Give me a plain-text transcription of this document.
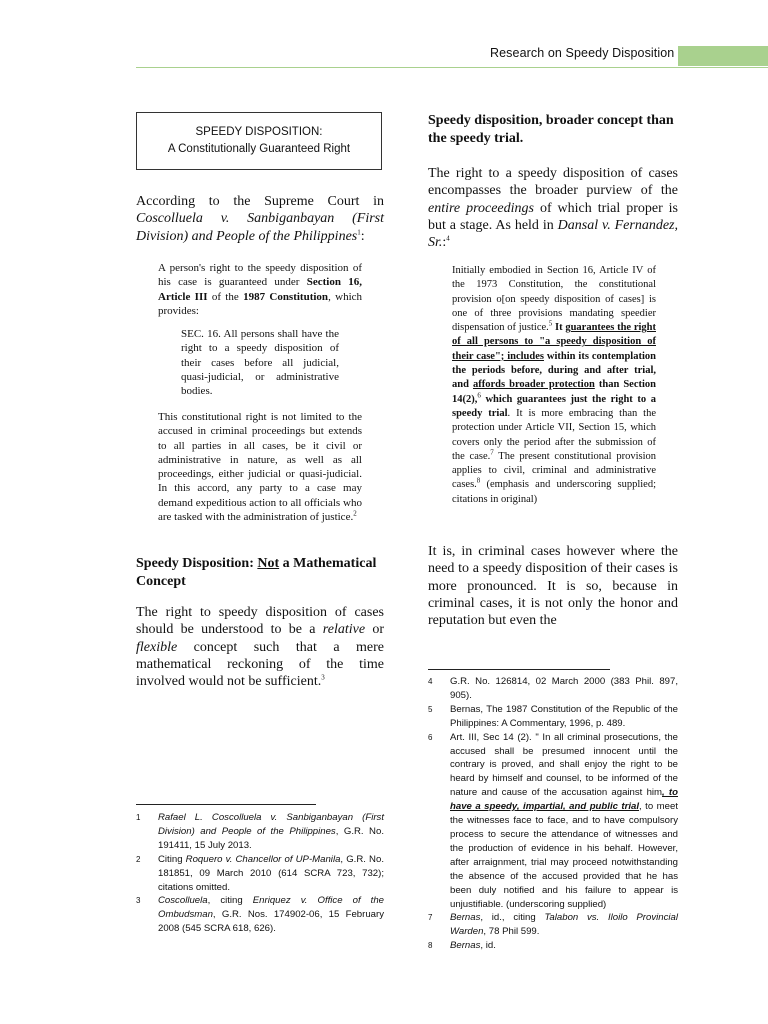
Research on Speedy Disposition
SPEEDY DISPOSITION:
A Constitutionally Guaranteed Right

According to the Supreme Court in Coscolluela v. Sanbiganbayan (First Division) and People of the Philippines$^1$:

A person's right to the speedy disposition of his case is guaranteed under Section 16, Article III of the 1987 Constitution, which provides:

SEC. 16. All persons shall have the right to a speedy disposition of their cases before all judicial, quasi-judicial, or administrative bodies.

This constitutional right is not limited to the accused in criminal proceedings but extends to all parties in all cases, be it civil or administrative in nature, as well as all proceedings, either judicial or quasi-judicial. In this accord, any party to a case may demand expeditious action to all officials who are tasked with the administration of justice.$^2$

Speedy Disposition: Not a Mathematical Concept

The right to speedy disposition of cases should be understood to be a relative or flexible concept such that a mere mathematical reckoning of the time involved would not be sufficient.$^3$

1	Rafael L. Coscolluela v. Sanbiganbayan (First Division) and People of the Philippines, G.R. No. 191411, 15 July 2013.
2	Citing Roquero v. Chancellor of UP-Manila, G.R. No. 181851, 09 March 2010 (614 SCRA 723, 732); citations omitted.
3	Coscolluela, citing Enriquez v. Office of the Ombudsman, G.R. Nos. 174902-06, 15 February 2008 (545 SCRA 618, 626).

Speedy disposition, broader concept than the speedy trial.

The right to a speedy disposition of cases encompasses the broader purview of the entire proceedings of which trial proper is but a stage. As held in Dansal v. Fernandez, Sr.:$^4$

Initially embodied in Section 16, Article IV of the 1973 Constitution, the constitutional provision o[on speedy disposition of cases] is one of three provisions mandating speedier dispensation of justice.$^5$ It guarantees the right of all persons to "a speedy disposition of their case"; includes within its contemplation the periods before, during and after trial, and affords broader protection than Section 14(2),$^6$ which guarantees just the right to a speedy trial. It is more embracing than the protection under Article VII, Section 15, which covers only the period after the submission of the case.$^7$ The present constitutional provision applies to civil, criminal and administrative cases.$^8$ (emphasis and underscoring supplied; citations in original)

It is, in criminal cases however where the need to a speedy disposition of their cases is more pronounced. It is so, because in criminal cases, it is not only the honor and reputation but even the

4	G.R. No. 126814, 02 March 2000 (383 Phil. 897, 905).
5	Bernas, The 1987 Constitution of the Republic of the Philippines: A Commentary, 1996, p. 489.
6	Art. III, Sec 14 (2). " In all criminal prosecutions, the accused shall be presumed innocent until the contrary is proved, and shall enjoy the right to be heard by himself and counsel, to be informed of the nature and cause of the accusation against him, to have a speedy, impartial, and public trial, to meet the witnesses face to face, and to have compulsory process to secure the attendance of witnesses and the production of evidence in his behalf. However, after arraignment, trial may proceed notwithstanding the absence of the accused provided that he has been duly notified and his failure to appear is unjustifiable. (underscoring supplied)
7	Bernas, id., citing Talabon vs. Iloilo Provincial Warden, 78 Phil 599.
8	Bernas, id.
